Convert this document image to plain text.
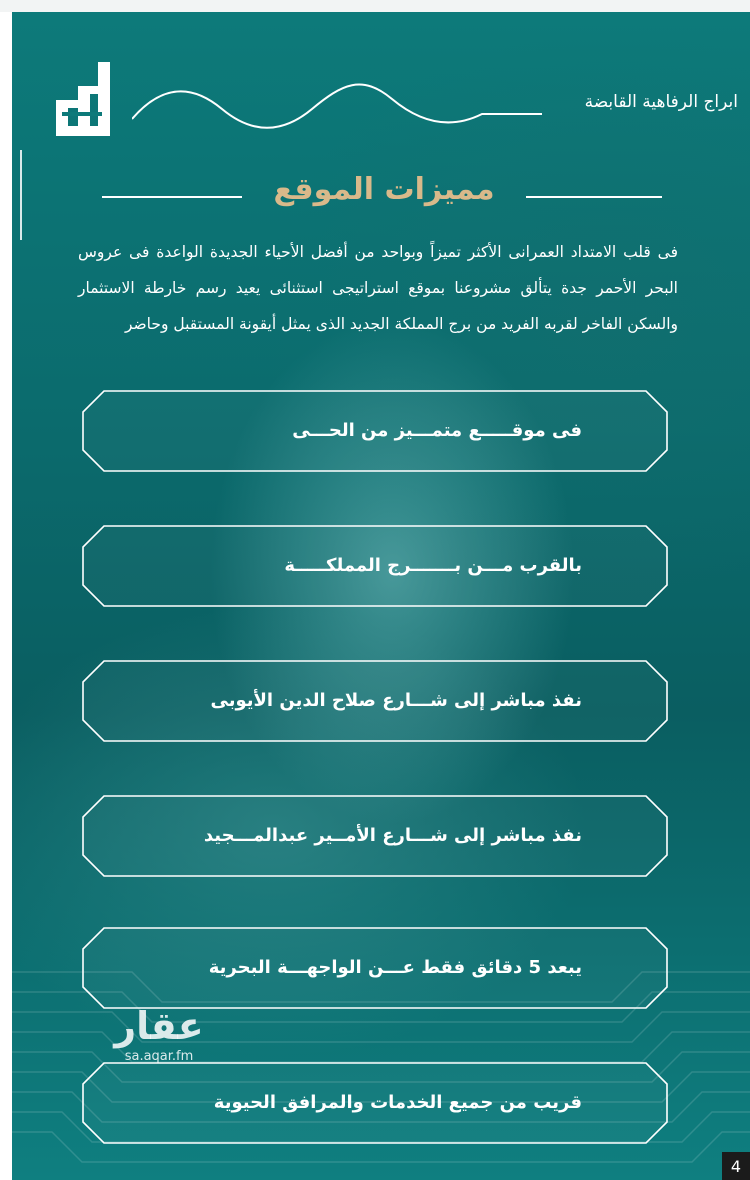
ابراج الرفاهية القابضة
مميزات الموقع
فى قلب الامتداد العمرانى الأكثر تميزاً وبواحد من أفضل الأحياء الجديدة الواعدة فى عروس البحر الأحمر جدة يتألق مشروعنا بموقع استراتيجى استثنائى يعيد رسم خارطة الاستثمار والسكن الفاخر لقربه الفريد من برج المملكة الجديد الذى يمثل أيقونة المستقبل وحاضر
فى موقـــــع متمـــيز من الحـــى
بالقرب مـــن بـــــــرج المملكـــــة
نفذ مباشر إلى شـــارع صلاح الدين الأيوبى
نفذ مباشر إلى شـــارع الأمــير عبدالمـــجيد
يبعد 5 دقائق فقط عـــن الواجهـــة البحرية
قريب من جميع الخدمات والمرافق الحيوية
عقار
sa.aqar.fm
4
